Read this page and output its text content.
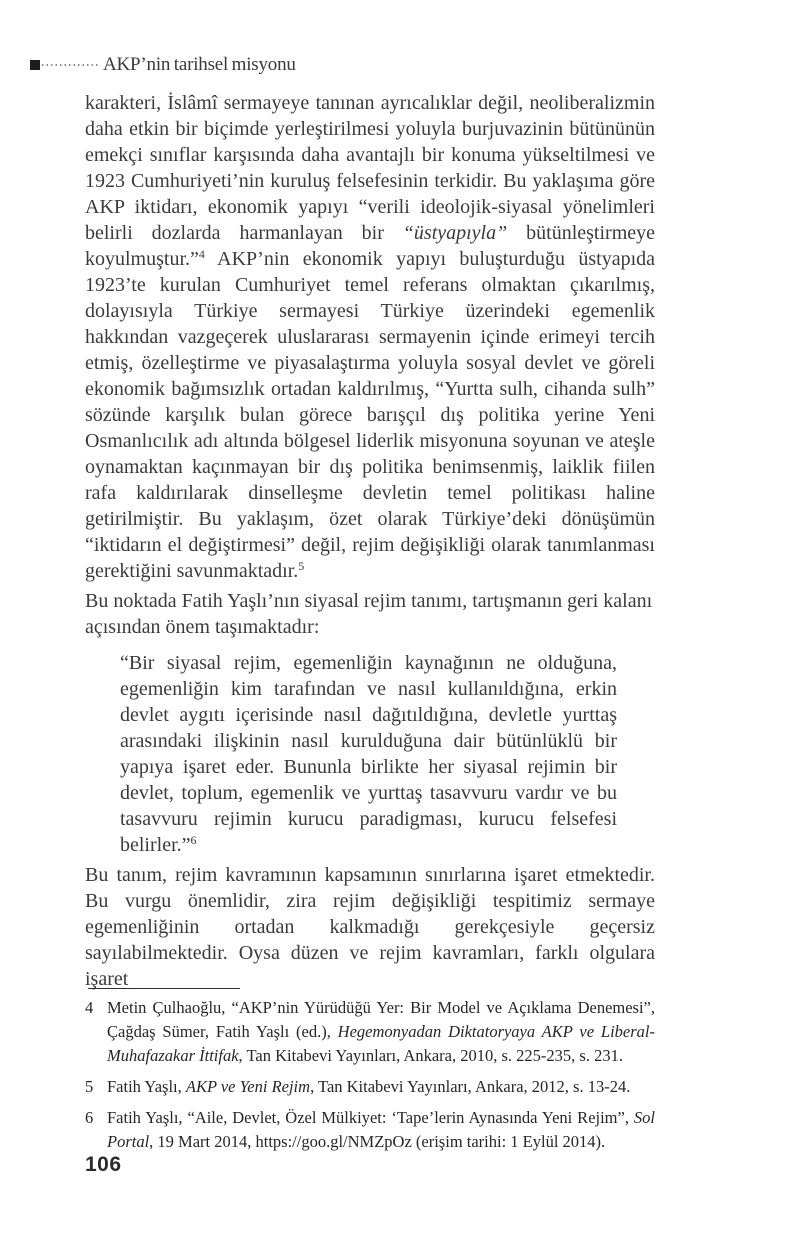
AKP’nin tarihsel misyonu
karakteri, İslâmî sermayeye tanınan ayrıcalıklar değil, neoliberalizmin daha etkin bir biçimde yerleştirilmesi yoluyla burjuvazinin bütününün emekçi sınıflar karşısında daha avantajlı bir konuma yükseltilmesi ve 1923 Cumhuriyeti’nin kuruluş felsefesinin terkidir. Bu yaklaşıma göre AKP iktidarı, ekonomik yapıyı “verili ideolojik-siyasal yönelimleri belirli dozlarda harmanlayan bir “üstyapıyla” bütünleştirmeye koyulmuştur.”$^4$ AKP’nin ekonomik yapıyı buluşturduğu üstyapıda 1923’te kurulan Cumhuriyet temel referans olmaktan çıkarılmış, dolayısıyla Türkiye sermayesi Türkiye üzerindeki egemenlik hakkından vazgeçerek uluslararası sermayenin içinde erimeyi tercih etmiş, özelleştirme ve piyasalaştırma yoluyla sosyal devlet ve göreli ekonomik bağımsızlık ortadan kaldırılmış, “Yurtta sulh, cihanda sulh” sözünde karşılık bulan görece barışçıl dış politika yerine Yeni Osmanlıcılık adı altında bölgesel liderlik misyonuna soyunan ve ateşle oynamaktan kaçınmayan bir dış politika benimsenmiş, laiklik fiilen rafa kaldırılarak dinselleşme devletin temel politikası haline getirilmiştir. Bu yaklaşım, özet olarak Türkiye’deki dönüşümün “iktidarın el değiştirmesi” değil, rejim değişikliği olarak tanımlanması gerektiğini savunmaktadır.$^5$
Bu noktada Fatih Yaşlı’nın siyasal rejim tanımı, tartışmanın geri kalanı açısından önem taşımaktadır:
“Bir siyasal rejim, egemenliğin kaynağının ne olduğuna, egemenliğin kim tarafından ve nasıl kullanıldığına, erkin devlet aygıtı içerisinde nasıl dağıtıldığına, devletle yurttaş arasındaki ilişkinin nasıl kurulduğuna dair bütünlüklü bir yapıya işaret eder. Bununla birlikte her siyasal rejimin bir devlet, toplum, egemenlik ve yurttaş tasavvuru vardır ve bu tasavvuru rejimin kurucu paradigması, kurucu felsefesi belirler.”$^6$
Bu tanım, rejim kavramının kapsamının sınırlarına işaret etmektedir. Bu vurgu önemlidir, zira rejim değişikliği tespitimiz sermaye egemenliğinin ortadan kalkmadığı gerekçesiyle geçersiz sayılabilmektedir. Oysa düzen ve rejim kavramları, farklı olgulara işaret
4 Metin Çulhaoğlu, “AKP’nin Yürüdüğü Yer: Bir Model ve Açıklama Denemesi”, Çağdaş Sümer, Fatih Yaşlı (ed.), Hegemonyadan Diktatoryaya AKP ve Liberal-Muhafazakar İttifak, Tan Kitabevi Yayınları, Ankara, 2010, s. 225-235, s. 231.
5 Fatih Yaşlı, AKP ve Yeni Rejim, Tan Kitabevi Yayınları, Ankara, 2012, s. 13-24.
6 Fatih Yaşlı, “Aile, Devlet, Özel Mülkiyet: ‘Tape’lerin Aynasında Yeni Rejim”, Sol Portal, 19 Mart 2014, https://goo.gl/NMZpOz (erişim tarihi: 1 Eylül 2014).
106
